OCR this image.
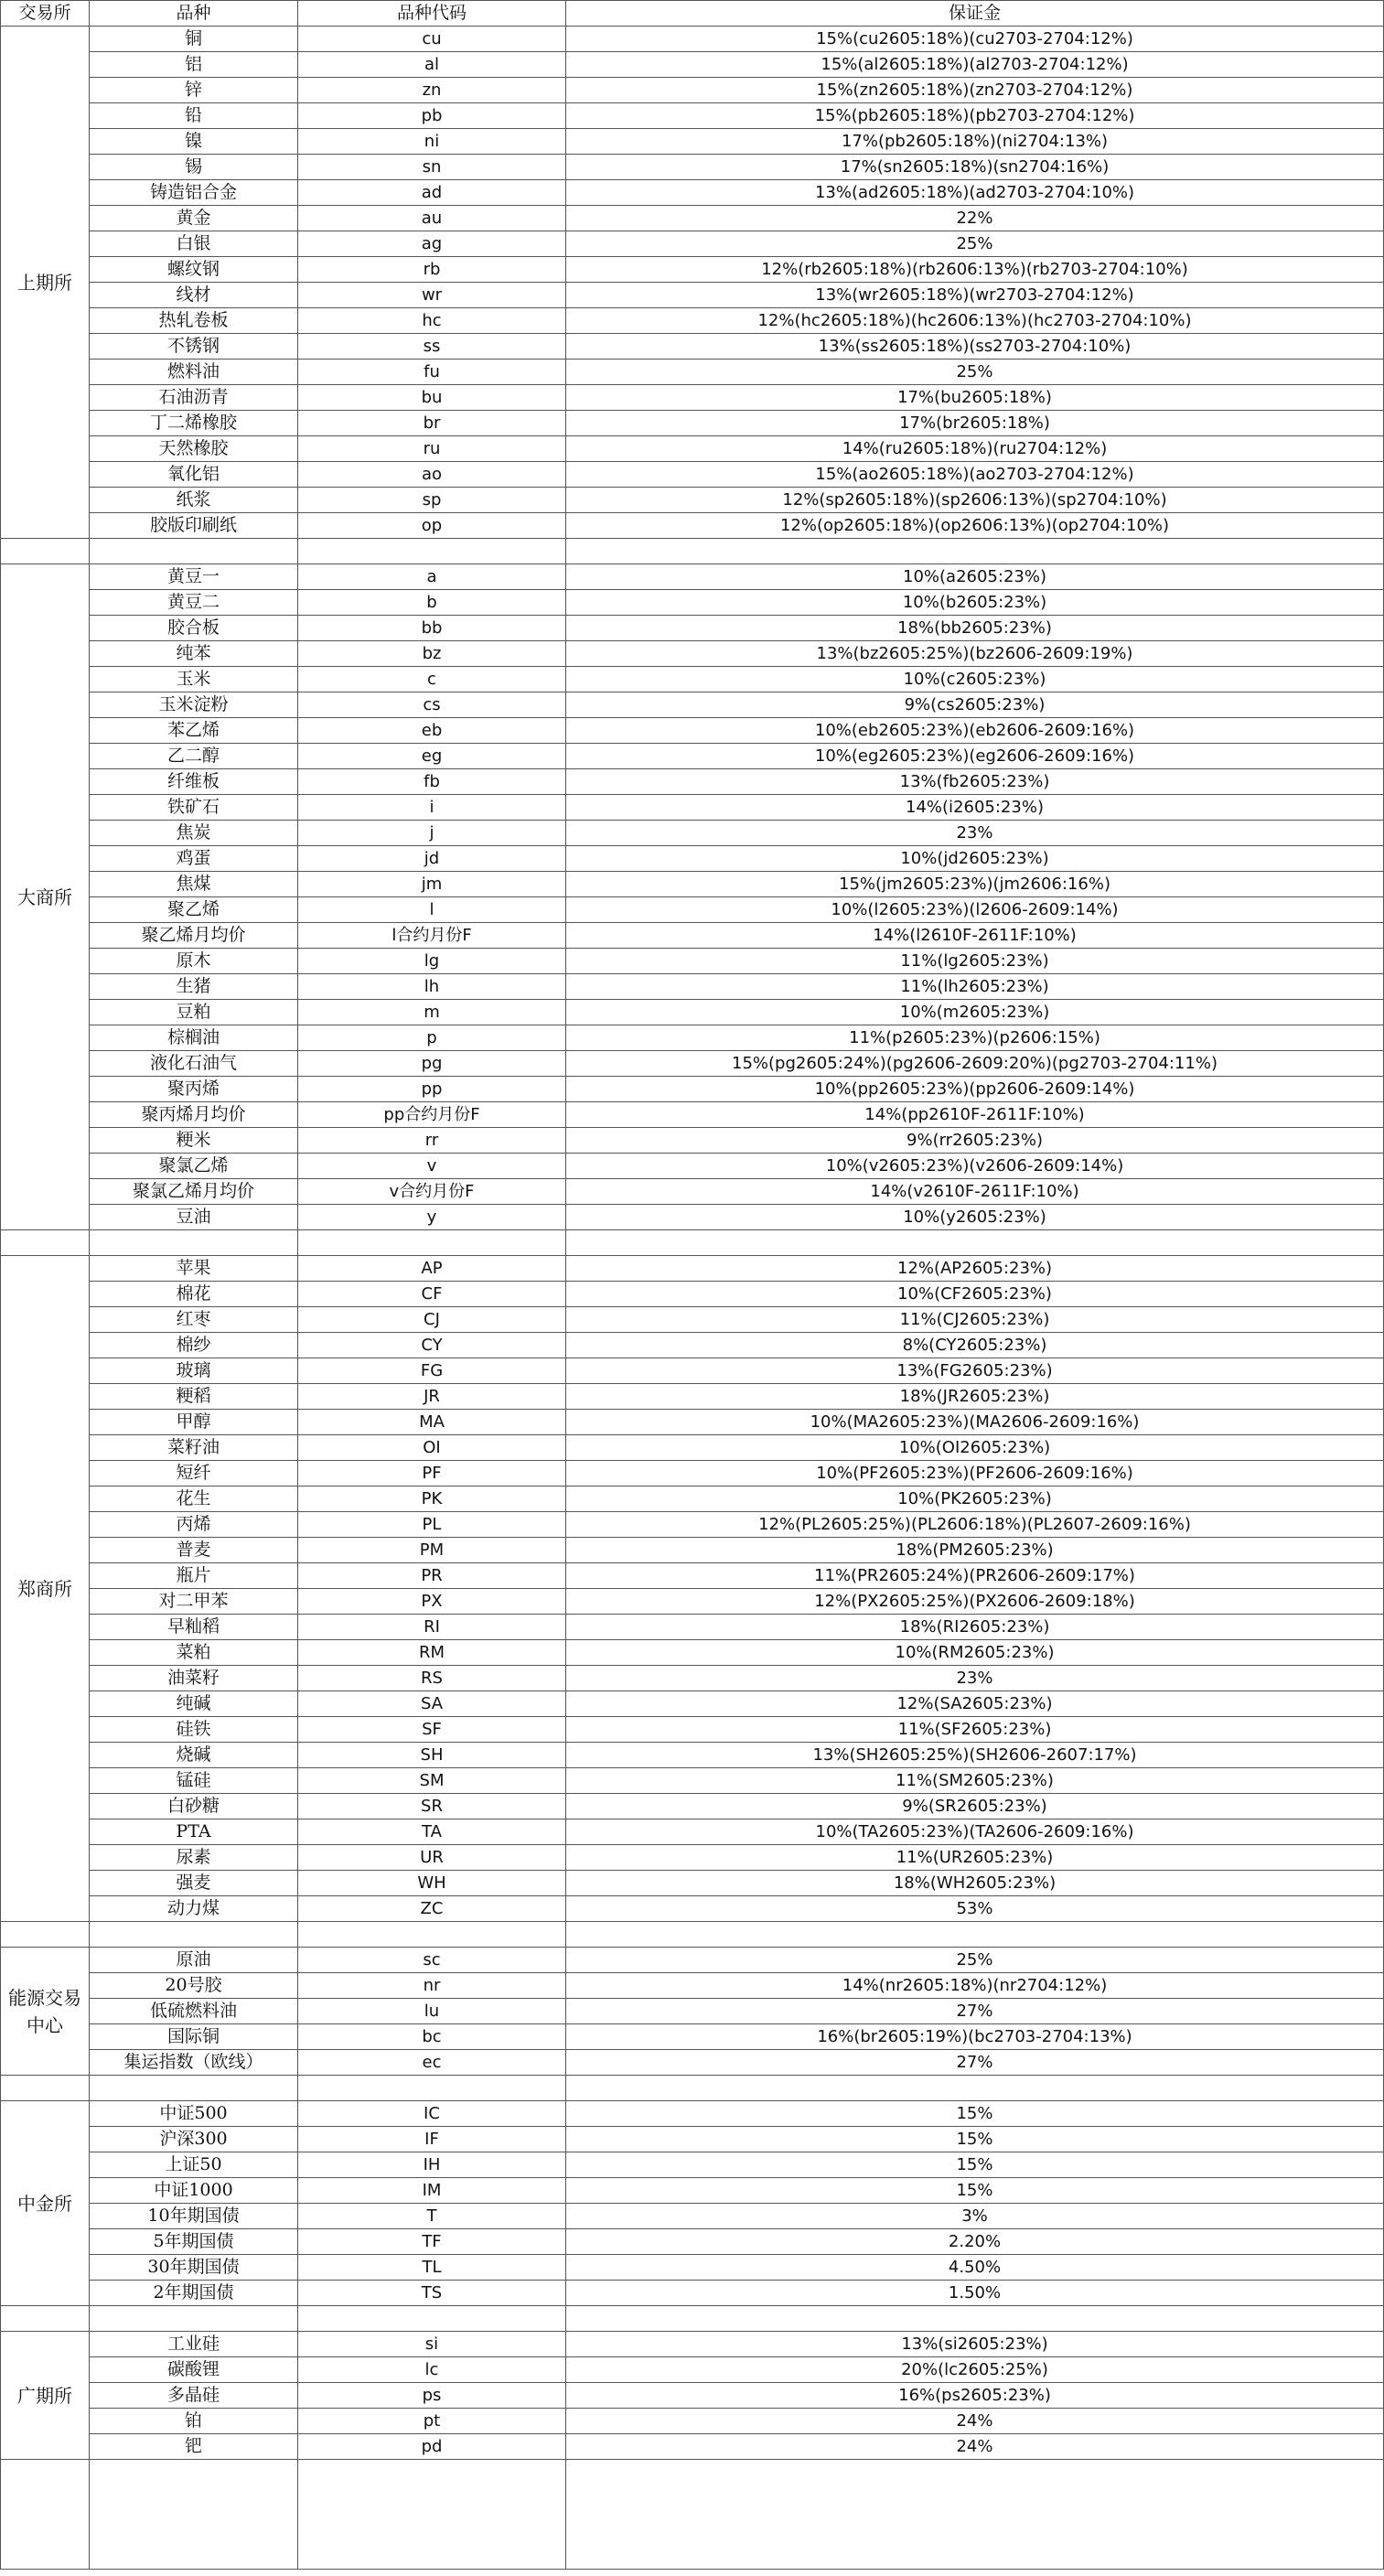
交易所	品种	品种代码	保证金
上期所	铜	cu	15%(cu2605:18%)(cu2703-2704:12%)
	铝	al	15%(al2605:18%)(al2703-2704:12%)
	锌	zn	15%(zn2605:18%)(zn2703-2704:12%)
	铅	pb	15%(pb2605:18%)(pb2703-2704:12%)
	镍	ni	17%(pb2605:18%)(ni2704:13%)
	锡	sn	17%(sn2605:18%)(sn2704:16%)
	铸造铝合金	ad	13%(ad2605:18%)(ad2703-2704:10%)
	黄金	au	22%
	白银	ag	25%
	螺纹钢	rb	12%(rb2605:18%)(rb2606:13%)(rb2703-2704:10%)
	线材	wr	13%(wr2605:18%)(wr2703-2704:12%)
	热轧卷板	hc	12%(hc2605:18%)(hc2606:13%)(hc2703-2704:10%)
	不锈钢	ss	13%(ss2605:18%)(ss2703-2704:10%)
	燃料油	fu	25%
	石油沥青	bu	17%(bu2605:18%)
	丁二烯橡胶	br	17%(br2605:18%)
	天然橡胶	ru	14%(ru2605:18%)(ru2704:12%)
	氧化铝	ao	15%(ao2605:18%)(ao2703-2704:12%)
	纸浆	sp	12%(sp2605:18%)(sp2606:13%)(sp2704:10%)
	胶版印刷纸	op	12%(op2605:18%)(op2606:13%)(op2704:10%)

大商所	黄豆一	a	10%(a2605:23%)
	黄豆二	b	10%(b2605:23%)
	胶合板	bb	18%(bb2605:23%)
	纯苯	bz	13%(bz2605:25%)(bz2606-2609:19%)
	玉米	c	10%(c2605:23%)
	玉米淀粉	cs	9%(cs2605:23%)
	苯乙烯	eb	10%(eb2605:23%)(eb2606-2609:16%)
	乙二醇	eg	10%(eg2605:23%)(eg2606-2609:16%)
	纤维板	fb	13%(fb2605:23%)
	铁矿石	i	14%(i2605:23%)
	焦炭	j	23%
	鸡蛋	jd	10%(jd2605:23%)
	焦煤	jm	15%(jm2605:23%)(jm2606:16%)
	聚乙烯	l	10%(l2605:23%)(l2606-2609:14%)
	聚乙烯月均价	l合约月份F	14%(l2610F-2611F:10%)
	原木	lg	11%(lg2605:23%)
	生猪	lh	11%(lh2605:23%)
	豆粕	m	10%(m2605:23%)
	棕榈油	p	11%(p2605:23%)(p2606:15%)
	液化石油气	pg	15%(pg2605:24%)(pg2606-2609:20%)(pg2703-2704:11%)
	聚丙烯	pp	10%(pp2605:23%)(pp2606-2609:14%)
	聚丙烯月均价	pp合约月份F	14%(pp2610F-2611F:10%)
	粳米	rr	9%(rr2605:23%)
	聚氯乙烯	v	10%(v2605:23%)(v2606-2609:14%)
	聚氯乙烯月均价	v合约月份F	14%(v2610F-2611F:10%)
	豆油	y	10%(y2605:23%)

郑商所	苹果	AP	12%(AP2605:23%)
	棉花	CF	10%(CF2605:23%)
	红枣	CJ	11%(CJ2605:23%)
	棉纱	CY	8%(CY2605:23%)
	玻璃	FG	13%(FG2605:23%)
	粳稻	JR	18%(JR2605:23%)
	甲醇	MA	10%(MA2605:23%)(MA2606-2609:16%)
	菜籽油	OI	10%(OI2605:23%)
	短纤	PF	10%(PF2605:23%)(PF2606-2609:16%)
	花生	PK	10%(PK2605:23%)
	丙烯	PL	12%(PL2605:25%)(PL2606:18%)(PL2607-2609:16%)
	普麦	PM	18%(PM2605:23%)
	瓶片	PR	11%(PR2605:24%)(PR2606-2609:17%)
	对二甲苯	PX	12%(PX2605:25%)(PX2606-2609:18%)
	早籼稻	RI	18%(RI2605:23%)
	菜粕	RM	10%(RM2605:23%)
	油菜籽	RS	23%
	纯碱	SA	12%(SA2605:23%)
	硅铁	SF	11%(SF2605:23%)
	烧碱	SH	13%(SH2605:25%)(SH2606-2607:17%)
	锰硅	SM	11%(SM2605:23%)
	白砂糖	SR	9%(SR2605:23%)
	PTA	TA	10%(TA2605:23%)(TA2606-2609:16%)
	尿素	UR	11%(UR2605:23%)
	强麦	WH	18%(WH2605:23%)
	动力煤	ZC	53%

能源交易中心	原油	sc	25%
	20号胶	nr	14%(nr2605:18%)(nr2704:12%)
	低硫燃料油	lu	27%
	国际铜	bc	16%(br2605:19%)(bc2703-2704:13%)
	集运指数（欧线）	ec	27%

中金所	中证500	IC	15%
	沪深300	IF	15%
	上证50	IH	15%
	中证1000	IM	15%
	10年期国债	T	3%
	5年期国债	TF	2.20%
	30年期国债	TL	4.50%
	2年期国债	TS	1.50%

广期所	工业硅	si	13%(si2605:23%)
	碳酸锂	lc	20%(lc2605:25%)
	多晶硅	ps	16%(ps2605:23%)
	铂	pt	24%
	钯	pd	24%
